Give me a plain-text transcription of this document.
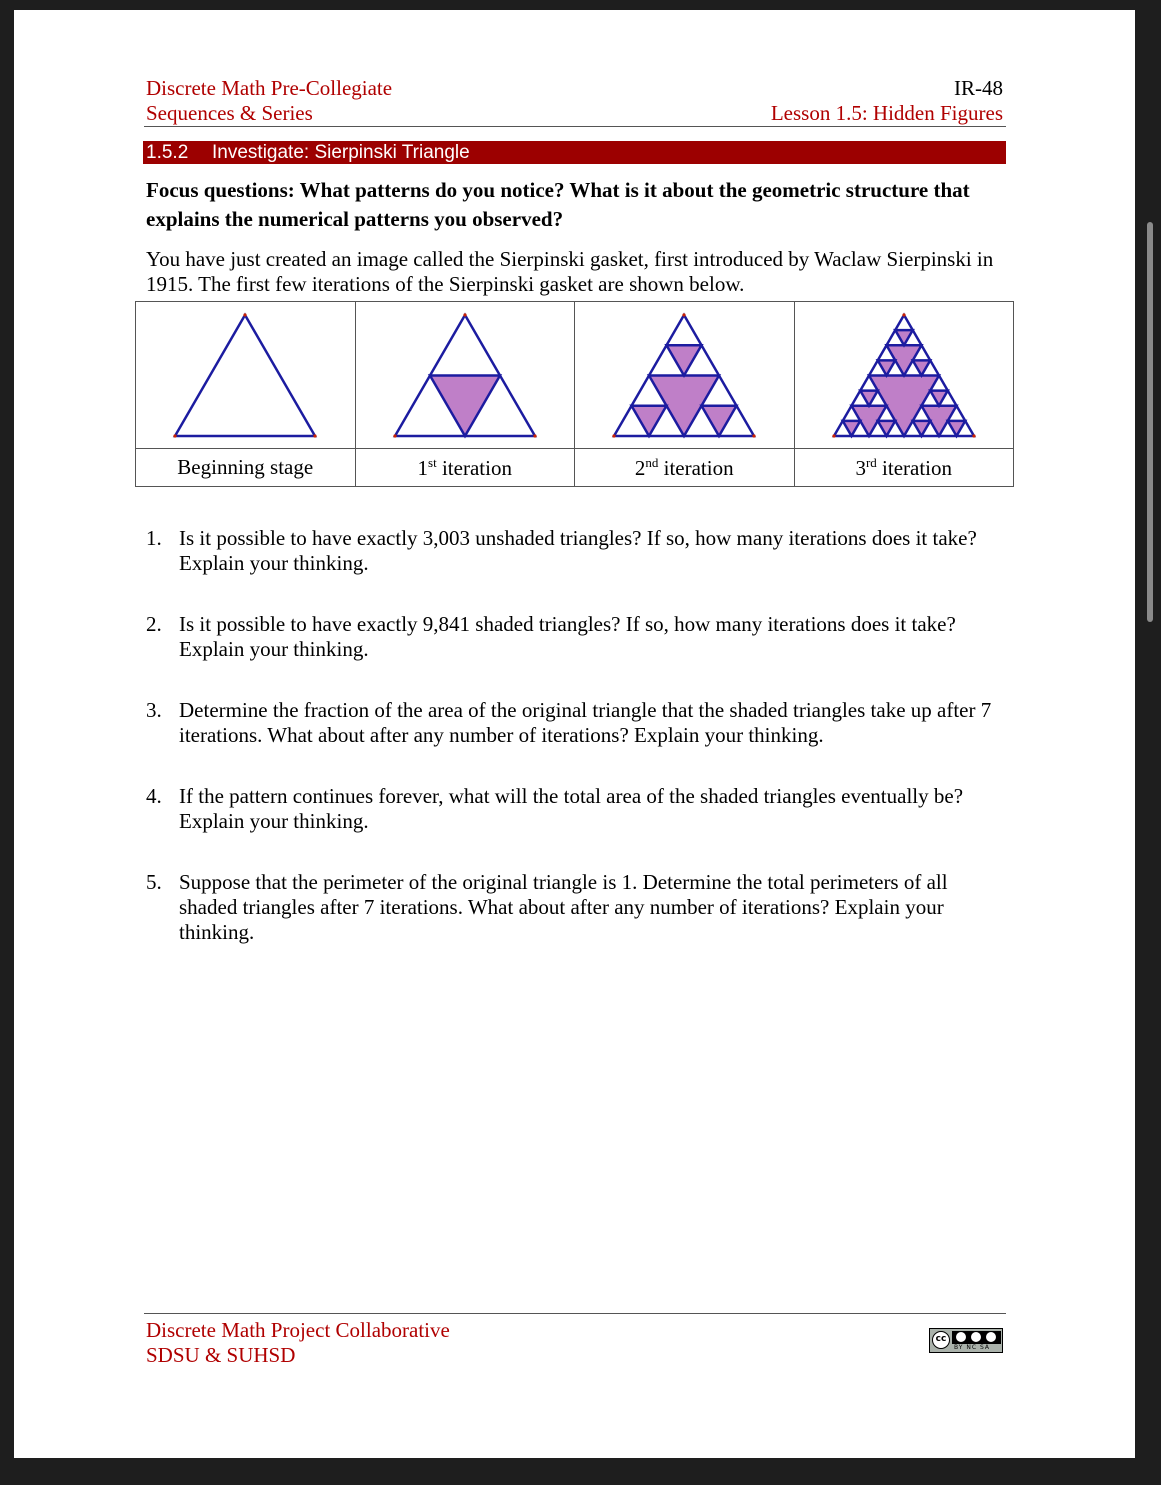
Discrete Math Pre-Collegiate
Sequences & Series
IR-48
Lesson 1.5: Hidden Figures
1.5.2 Investigate: Sierpinski Triangle
Focus questions: What patterns do you notice? What is it about the geometric structure that explains the numerical patterns you observed?
You have just created an image called the Sierpinski gasket, first introduced by Waclaw Sierpinski in 1915. The first few iterations of the Sierpinski gasket are shown below.

Beginning stage	1st iteration	2nd iteration	3rd iteration
1. Is it possible to have exactly 3,003 unshaded triangles? If so, how many iterations does it take? Explain your thinking.
2. Is it possible to have exactly 9,841 shaded triangles? If so, how many iterations does it take? Explain your thinking.
3. Determine the fraction of the area of the original triangle that the shaded triangles take up after 7 iterations. What about after any number of iterations? Explain your thinking.
4. If the pattern continues forever, what will the total area of the shaded triangles eventually be? Explain your thinking.
5. Suppose that the perimeter of the original triangle is 1. Determine the total perimeters of all shaded triangles after 7 iterations. What about after any number of iterations? Explain your thinking.
Discrete Math Project Collaborative
SDSU & SUHSD
cc
BY NC SA
